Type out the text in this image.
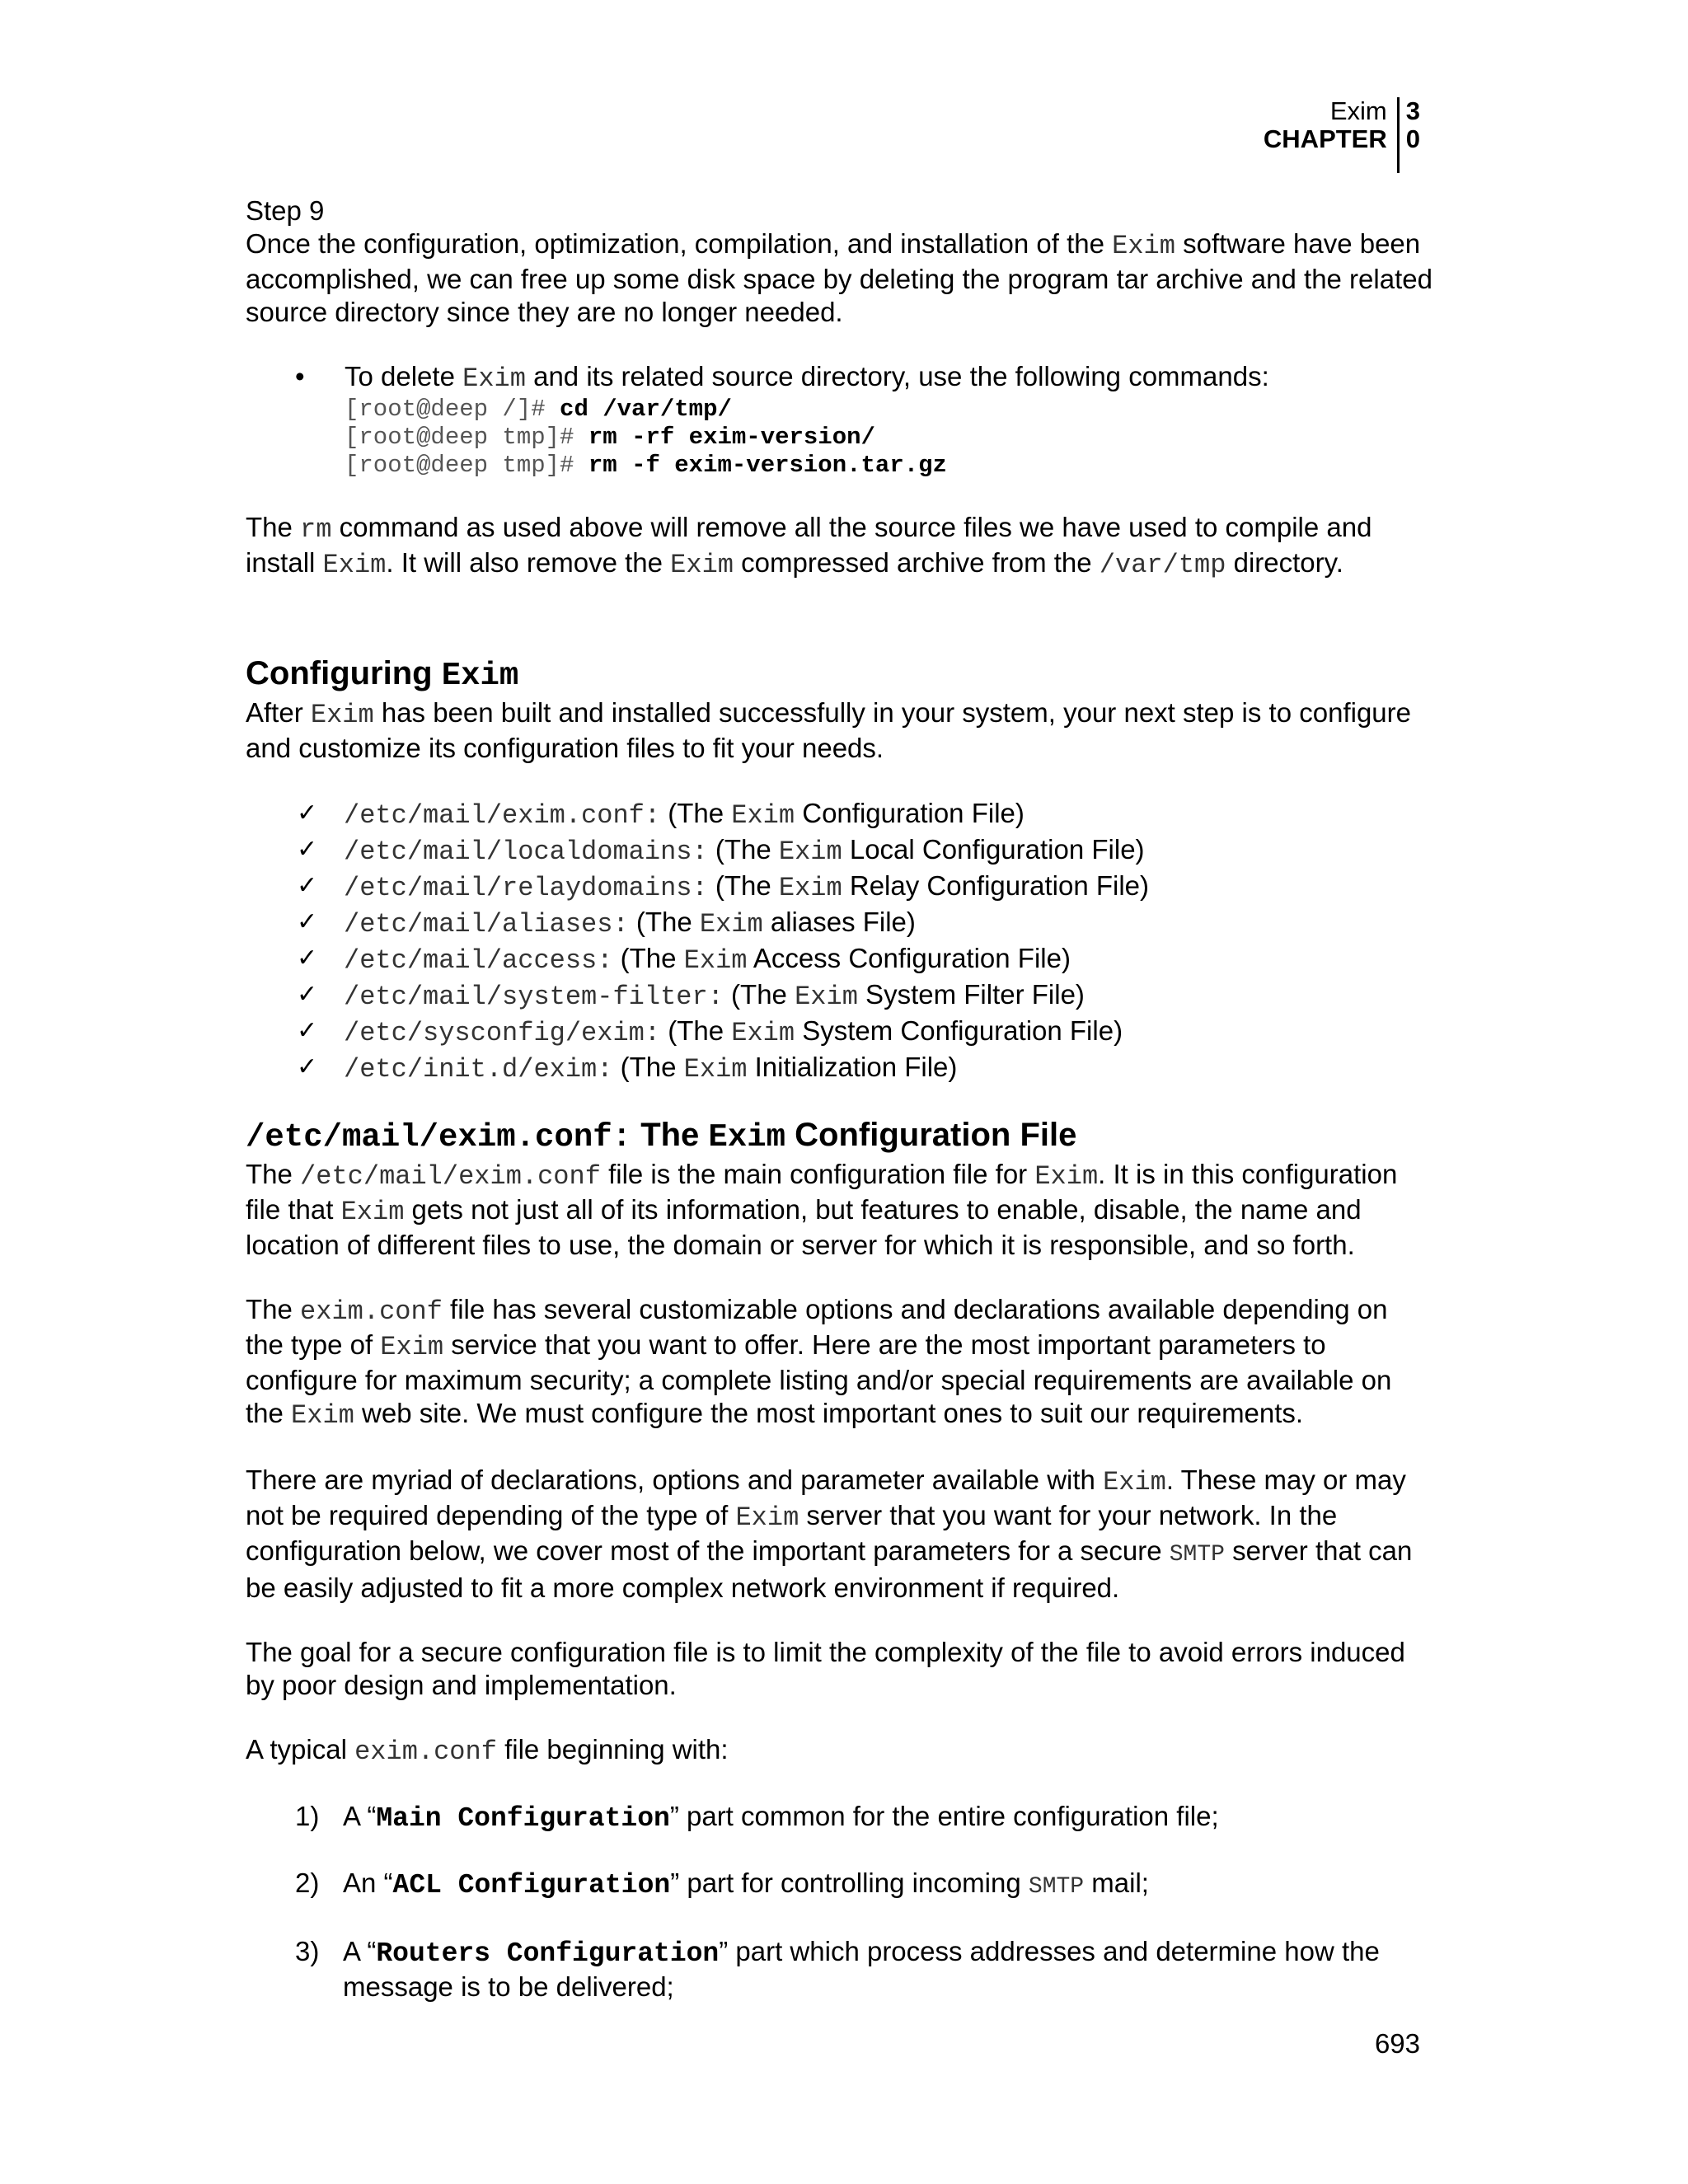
Exim
CHAPTER
3
0

Step 9

Once the configuration, optimization, compilation, and installation of the Exim software have been accomplished, we can free up some disk space by deleting the program tar archive and the related source directory since they are no longer needed.

• To delete Exim and its related source directory, use the following commands:

[root@deep /]# cd /var/tmp/
[root@deep tmp]# rm -rf exim-version/
[root@deep tmp]# rm -f exim-version.tar.gz

The rm command as used above will remove all the source files we have used to compile and install Exim. It will also remove the Exim compressed archive from the /var/tmp directory.

Configuring Exim

After Exim has been built and installed successfully in your system, your next step is to configure and customize its configuration files to fit your needs.

✓ /etc/mail/exim.conf: (The Exim Configuration File)
✓ /etc/mail/localdomains: (The Exim Local Configuration File)
✓ /etc/mail/relaydomains: (The Exim Relay Configuration File)
✓ /etc/mail/aliases: (The Exim aliases File)
✓ /etc/mail/access: (The Exim Access Configuration File)
✓ /etc/mail/system-filter: (The Exim System Filter File)
✓ /etc/sysconfig/exim: (The Exim System Configuration File)
✓ /etc/init.d/exim: (The Exim Initialization File)
/etc/mail/exim.conf: The Exim Configuration File

The /etc/mail/exim.conf file is the main configuration file for Exim. It is in this configuration file that Exim gets not just all of its information, but features to enable, disable, the name and location of different files to use, the domain or server for which it is responsible, and so forth.

The exim.conf file has several customizable options and declarations available depending on the type of Exim service that you want to offer. Here are the most important parameters to configure for maximum security; a complete listing and/or special requirements are available on the Exim web site. We must configure the most important ones to suit our requirements.

There are myriad of declarations, options and parameter available with Exim. These may or may not be required depending of the type of Exim server that you want for your network. In the configuration below, we cover most of the important parameters for a secure SMTP server that can be easily adjusted to fit a more complex network environment if required.

The goal for a secure configuration file is to limit the complexity of the file to avoid errors induced by poor design and implementation.

A typical exim.conf file beginning with:

1) A “Main Configuration” part common for the entire configuration file;
2) An “ACL Configuration” part for controlling incoming SMTP mail;
3) A “Routers Configuration” part which process addresses and determine how the message is to be delivered;
693
